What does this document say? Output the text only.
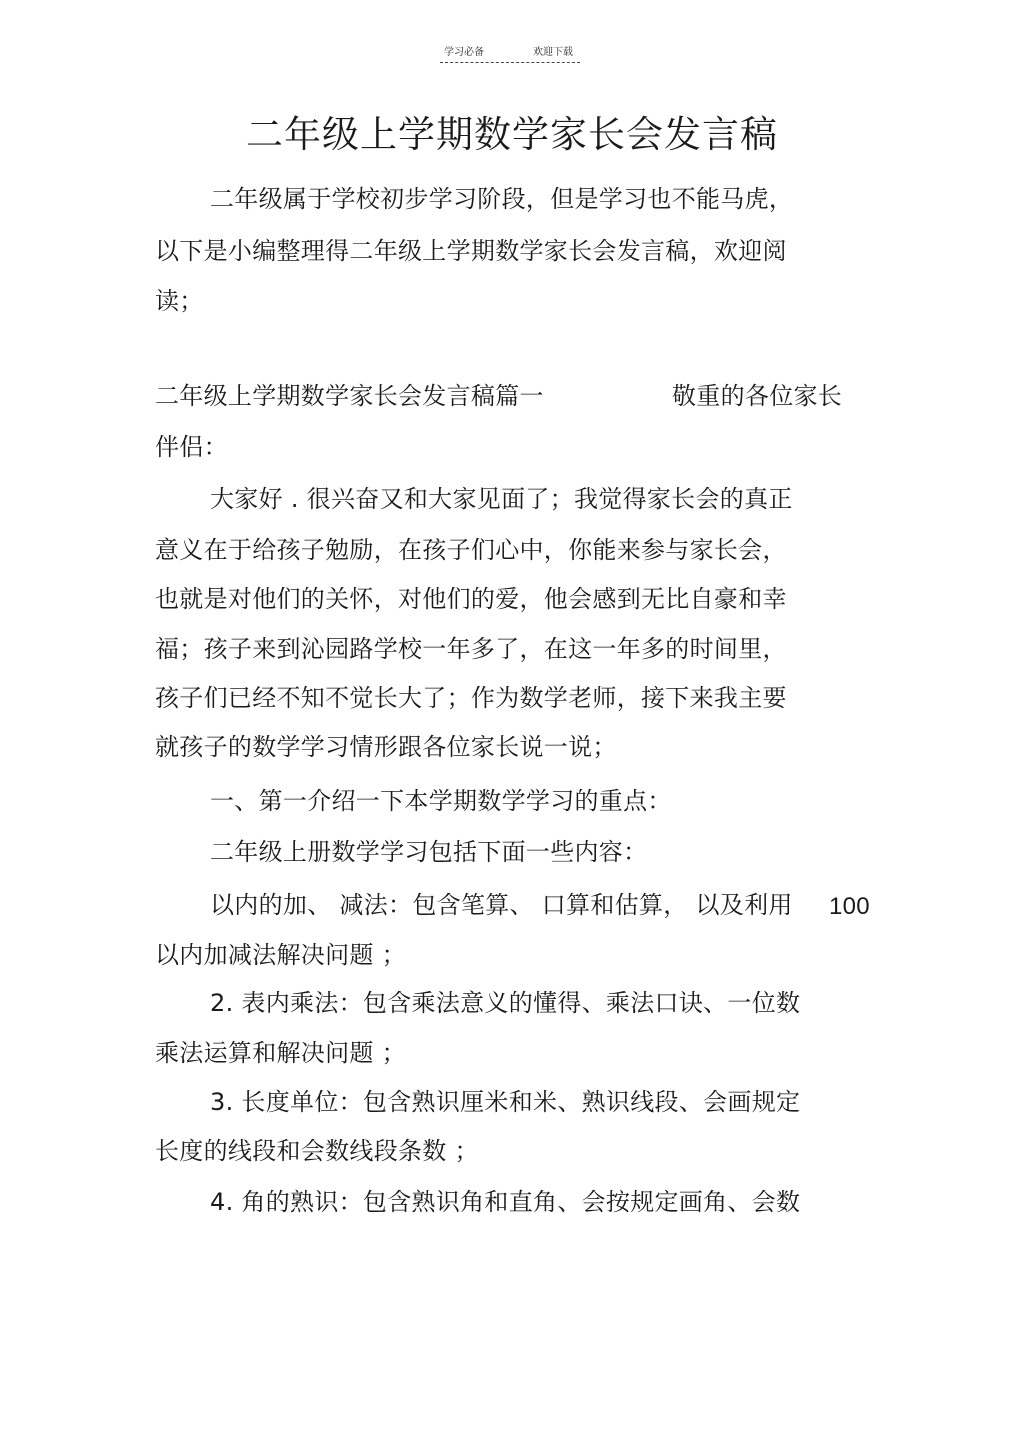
学习必备	欢迎下载
二年级上学期数学家长会发言稿
二年级属于学校初步学习阶段，但是学习也不能马虎，
以下是小编整理得二年级上学期数学家长会发言稿，欢迎阅
读；
二年级上学期数学家长会发言稿篇一	敬重的各位家长
伴侣：
大家好 . 很兴奋又和大家见面了；我觉得家长会的真正
意义在于给孩子勉励，在孩子们心中，你能来参与家长会，
也就是对他们的关怀，对他们的爱，他会感到无比自豪和幸
福；孩子来到沁园路学校一年多了，在这一年多的时间里，
孩子们已经不知不觉长大了；作为数学老师，接下来我主要
就孩子的数学学习情形跟各位家长说一说；
一、第一介绍一下本学期数学学习的重点：
二年级上册数学学习包括下面一些内容：
以内的加、 减法：包含笔算、 口算和估算， 以及利用 100
以内加减法解决问题 ；
2. 表内乘法：包含乘法意义的懂得、乘法口诀、一位数
乘法运算和解决问题 ；
3. 长度单位：包含熟识厘米和米、熟识线段、会画规定
长度的线段和会数线段条数 ；
4. 角的熟识：包含熟识角和直角、会按规定画角、会数
